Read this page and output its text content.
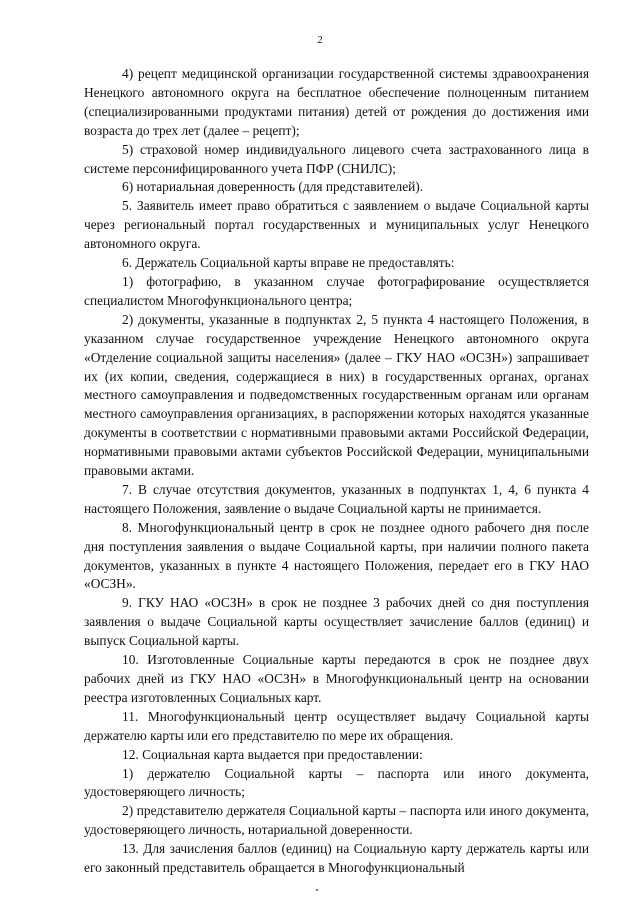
2

4) рецепт медицинской организации государственной системы здравоохранения Ненецкого автономного округа на бесплатное обеспечение полноценным питанием (специализированными продуктами питания) детей от рождения до достижения ими возраста до трех лет (далее – рецепт);

5) страховой номер индивидуального лицевого счета застрахованного лица в системе персонифицированного учета ПФР (СНИЛС);

6) нотариальная доверенность (для представителей).

5. Заявитель имеет право обратиться с заявлением о выдаче Социальной карты через региональный портал государственных и муниципальных услуг Ненецкого автономного округа.

6. Держатель Социальной карты вправе не предоставлять:

1) фотографию, в указанном случае фотографирование осуществляется специалистом Многофункционального центра;

2) документы, указанные в подпунктах 2, 5 пункта 4 настоящего Положения, в указанном случае государственное учреждение Ненецкого автономного округа «Отделение социальной защиты населения» (далее – ГКУ НАО «ОСЗН») запрашивает их (их копии, сведения, содержащиеся в них) в государственных органах, органах местного самоуправления и подведомственных государственным органам или органам местного самоуправления организациях, в распоряжении которых находятся указанные документы в соответствии с нормативными правовыми актами Российской Федерации, нормативными правовыми актами субъектов Российской Федерации, муниципальными правовыми актами.

7. В случае отсутствия документов, указанных в подпунктах 1, 4, 6 пункта 4 настоящего Положения, заявление о выдаче Социальной карты не принимается.

8. Многофункциональный центр в срок не позднее одного рабочего дня после дня поступления заявления о выдаче Социальной карты, при наличии полного пакета документов, указанных в пункте 4 настоящего Положения, передает его в ГКУ НАО «ОСЗН».

9. ГКУ НАО «ОСЗН» в срок не позднее 3 рабочих дней со дня поступления заявления о выдаче Социальной карты осуществляет зачисление баллов (единиц) и выпуск Социальной карты.

10. Изготовленные Социальные карты передаются в срок не позднее двух рабочих дней из ГКУ НАО «ОСЗН» в Многофункциональный центр на основании реестра изготовленных Социальных карт.

11. Многофункциональный центр осуществляет выдачу Социальной карты держателю карты или его представителю по мере их обращения.

12. Социальная карта выдается при предоставлении:

1) держателю Социальной карты – паспорта или иного документа, удостоверяющего личность;

2) представителю держателя Социальной карты – паспорта или иного документа, удостоверяющего личность, нотариальной доверенности.

13. Для зачисления баллов (единиц) на Социальную карту держатель карты или его законный представитель обращается в Многофункциональный
